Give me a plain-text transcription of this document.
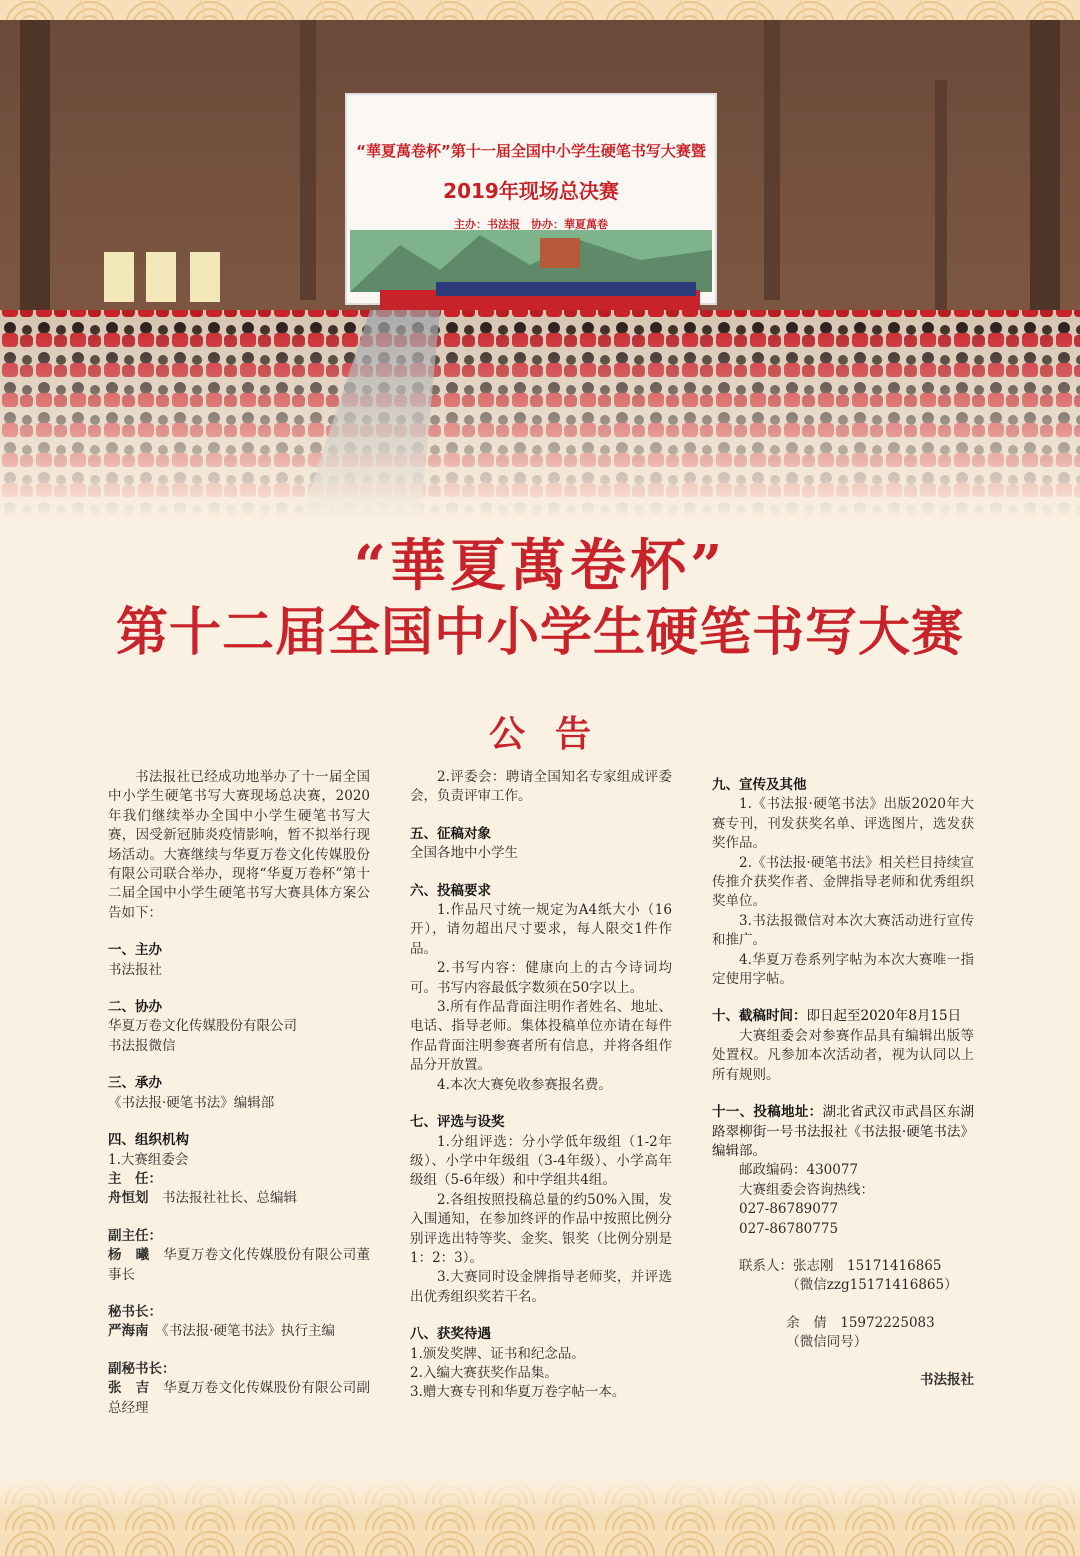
“華夏萬卷杯”第十一届全国中小学生硬笔书写大赛暨
2019年现场总决赛
主办：书法报　协办：華夏萬卷
“華夏萬卷杯”
第十二届全国中小学生硬笔书写大赛
公告

书法报社已经成功地举办了十一届全国中小学生硬笔书写大赛现场总决赛，2020年我们继续举办全国中小学生硬笔书写大赛，因受新冠肺炎疫情影响，暂不拟举行现场活动。大赛继续与华夏万卷文化传媒股份有限公司联合举办，现将“华夏万卷杯”第十二届全国中小学生硬笔书写大赛具体方案公告如下：

一、主办

书法报社

二、协办

华夏万卷文化传媒股份有限公司

书法报微信

三、承办

《书法报·硬笔书法》编辑部

四、组织机构

1.大赛组委会

主　任：

舟恒划　 书法报社社长、总编辑

副主任：

杨　曦　 华夏万卷文化传媒股份有限公司董事长

秘书长：

严海南　 《书法报·硬笔书法》执行主编

副秘书长：

张　吉　 华夏万卷文化传媒股份有限公司副总经理

2.评委会：聘请全国知名专家组成评委会，负责评审工作。

五、征稿对象

全国各地中小学生

六、投稿要求

1.作品尺寸统一规定为A4纸大小（16开），请勿超出尺寸要求，每人限交1件作品。

2.书写内容：健康向上的古今诗词均可。书写内容最低字数须在50字以上。

3.所有作品背面注明作者姓名、地址、电话、指导老师。集体投稿单位亦请在每件作品背面注明参赛者所有信息，并将各组作品分开放置。

4.本次大赛免收参赛报名费。

七、评选与设奖

1.分组评选：分小学低年级组（1-2年级）、小学中年级组（3-4年级）、小学高年级组（5-6年级）和中学组共4组。

2.各组按照投稿总量的约50%入围，发入围通知，在参加终评的作品中按照比例分别评选出特等奖、金奖、银奖（比例分别是1：2：3）。

3.大赛同时设金牌指导老师奖，并评选出优秀组织奖若干名。

八、获奖待遇

1.颁发奖牌、证书和纪念品。

2.入编大赛获奖作品集。

3.赠大赛专刊和华夏万卷字帖一本。

九、宣传及其他

1.《书法报·硬笔书法》出版2020年大赛专刊，刊发获奖名单、评选图片，选发获奖作品。

2.《书法报·硬笔书法》相关栏目持续宣传推介获奖作者、金牌指导老师和优秀组织奖单位。

3.书法报微信对本次大赛活动进行宣传和推广。

4.华夏万卷系列字帖为本次大赛唯一指定使用字帖。

十、截稿时间：即日起至2020年8月15日

大赛组委会对参赛作品具有编辑出版等处置权。凡参加本次活动者，视为认同以上所有规则。

十一、投稿地址：湖北省武汉市武昌区东湖路翠柳街一号书法报社《书法报·硬笔书法》编辑部。

邮政编码：430077

大赛组委会咨询热线：

027-86789077

027-86780775

联系人：张志刚　15171416865

（微信zzg15171416865）

余　倩　15972225083

（微信同号）

书法报社
